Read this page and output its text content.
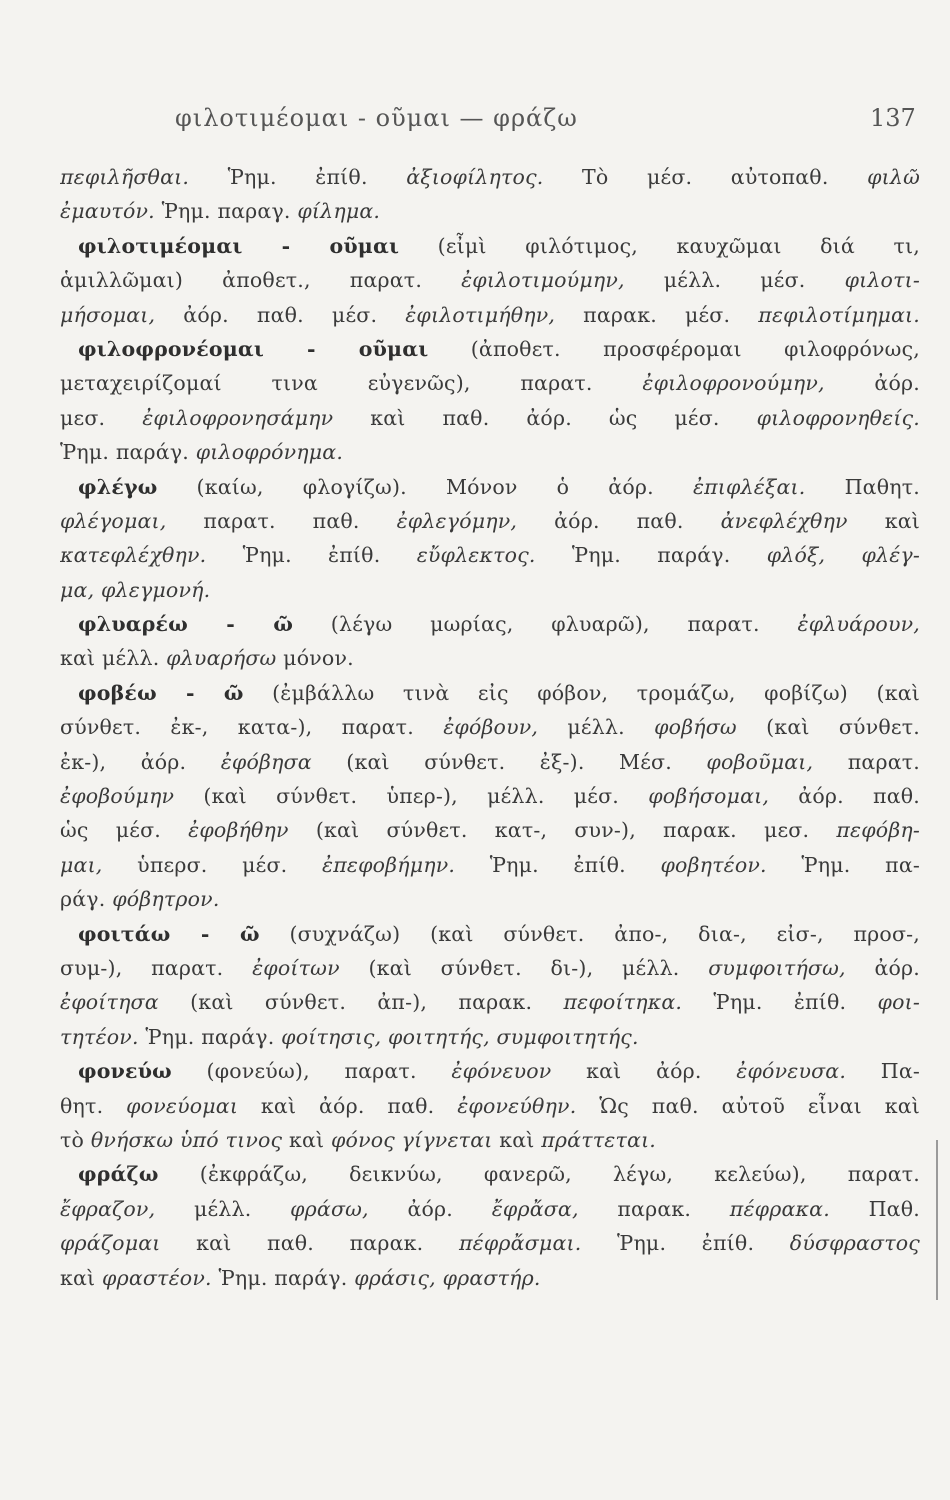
φιλοτιμέομαι - οῦμαι — φράζω	137
πεφιλῆσθαι. Ῥημ. ἐπίθ. ἀξιοφίλητος. Τὸ μέσ. αὐτοπαθ. φιλῶ
ἐμαυτόν. Ῥημ. παραγ. φίλημα.
φιλοτιμέομαι - οῦμαι (εἶμὶ φιλότιμος, καυχῶμαι διά τι,
ἁμιλλῶμαι) ἀποθετ., παρατ. ἐφιλοτιμούμην, μέλλ. μέσ. φιλοτι-
μήσομαι, ἀόρ. παθ. μέσ. ἐφιλοτιμήθην, παρακ. μέσ. πεφιλοτίμημαι.
φιλοφρονέομαι - οῦμαι (ἀποθετ. προσφέρομαι φιλοφρόνως,
μεταχειρίζομαί τινα εὐγενῶς), παρατ. ἐφιλοφρονούμην, ἀόρ.
μεσ. ἐφιλοφρονησάμην καὶ παθ. ἀόρ. ὡς μέσ. φιλοφρονηθείς.
Ῥημ. παράγ. φιλοφρόνημα.
φλέγω (καίω, φλογίζω). Μόνον ὁ ἀόρ. ἐπιφλέξαι. Παθητ.
φλέγομαι, παρατ. παθ. ἐφλεγόμην, ἀόρ. παθ. ἀνεφλέχθην καὶ
κατεφλέχθην. Ῥημ. ἐπίθ. εὔφλεκτος. Ῥημ. παράγ. φλόξ, φλέγ-
μα, φλεγμονή.
φλυαρέω - ῶ (λέγω μωρίας, φλυαρῶ), παρατ. ἐφλυάρουν,
καὶ μέλλ. φλυαρήσω μόνον.
φοβέω - ῶ (ἐμβάλλω τινὰ εἰς φόβον, τρομάζω, φοβίζω) (καὶ
σύνθετ. ἐκ-, κατα-), παρατ. ἐφόβουν, μέλλ. φοβήσω (καὶ σύνθετ.
ἐκ-), ἀόρ. ἐφόβησα (καὶ σύνθετ. ἐξ-). Μέσ. φοβοῦμαι, παρατ.
ἐφοβούμην (καὶ σύνθετ. ὑπερ-), μέλλ. μέσ. φοβήσομαι, ἀόρ. παθ.
ὡς μέσ. ἐφοβήθην (καὶ σύνθετ. κατ-, συν-), παρακ. μεσ. πεφόβη-
μαι, ὑπερσ. μέσ. ἐπεφοβήμην. Ῥημ. ἐπίθ. φοβητέον. Ῥημ. πα-
ράγ. φόβητρον.
φοιτάω - ῶ (συχνάζω) (καὶ σύνθετ. ἀπο-, δια-, εἰσ-, προσ-,
συμ-), παρατ. ἐφοίτων (καὶ σύνθετ. δι-), μέλλ. συμφοιτήσω, ἀόρ.
ἐφοίτησα (καὶ σύνθετ. ἀπ-), παρακ. πεφοίτηκα. Ῥημ. ἐπίθ. φοι-
τητέον. Ῥημ. παράγ. φοίτησις, φοιτητής, συμφοιτητής.
φονεύω (φονεύω), παρατ. ἐφόνευον καὶ ἀόρ. ἐφόνευσα. Πα-
θητ. φονεύομαι καὶ ἀόρ. παθ. ἐφονεύθην. Ὡς παθ. αὐτοῦ εἶναι καὶ
τὸ θνήσκω ὑπό τινος καὶ φόνος γίγνεται καὶ πράττεται.
φράζω (ἐκφράζω, δεικνύω, φανερῶ, λέγω, κελεύω), παρατ.
ἔφραζον, μέλλ. φράσω, ἀόρ. ἔφρἄσα, παρακ. πέφρακα. Παθ.
φράζομαι καὶ παθ. παρακ. πέφρἄσμαι. Ῥημ. ἐπίθ. δύσφραστος
καὶ φραστέον. Ῥημ. παράγ. φράσις, φραστήρ.
